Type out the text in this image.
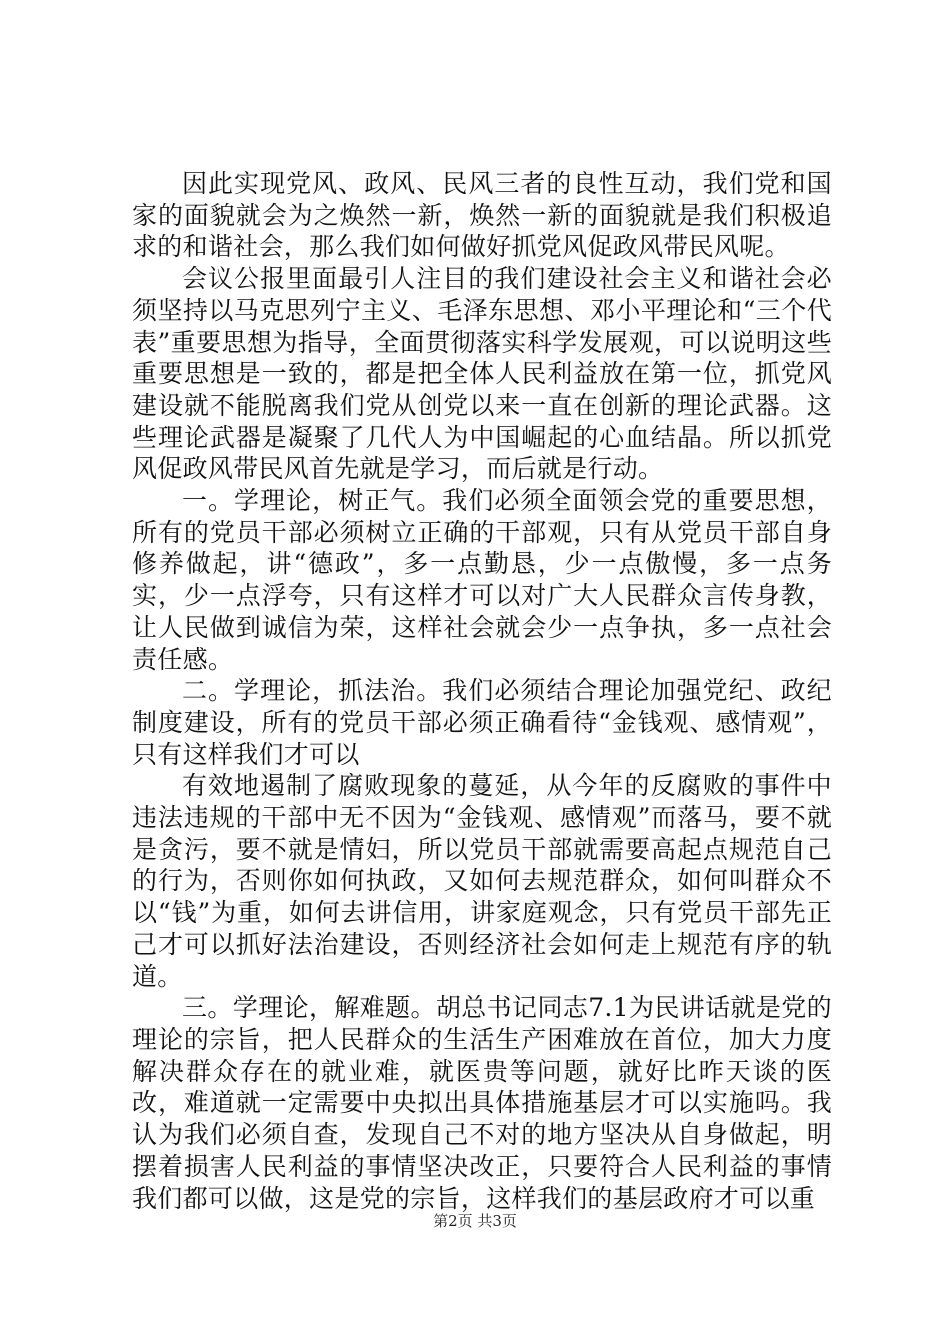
因此实现党风、政风、民风三者的良性互动，我们党和国家的面貌就会为之焕然一新，焕然一新的面貌就是我们积极追求的和谐社会，那么我们如何做好抓党风促政风带民风呢。

会议公报里面最引人注目的我们建设社会主义和谐社会必须坚持以马克思列宁主义、毛泽东思想、邓小平理论和“三个代表”重要思想为指导，全面贯彻落实科学发展观，可以说明这些重要思想是一致的，都是把全体人民利益放在第一位，抓党风建设就不能脱离我们党从创党以来一直在创新的理论武器。这些理论武器是凝聚了几代人为中国崛起的心血结晶。所以抓党风促政风带民风首先就是学习，而后就是行动。

一。学理论，树正气。我们必须全面领会党的重要思想，所有的党员干部必须树立正确的干部观，只有从党员干部自身修养做起，讲“德政”，多一点勤恳，少一点傲慢，多一点务实，少一点浮夸，只有这样才可以对广大人民群众言传身教，让人民做到诚信为荣，这样社会就会少一点争执，多一点社会责任感。

二。学理论，抓法治。我们必须结合理论加强党纪、政纪制度建设，所有的党员干部必须正确看待“金钱观、感情观”，只有这样我们才可以

有效地遏制了腐败现象的蔓延，从今年的反腐败的事件中违法违规的干部中无不因为“金钱观、感情观”而落马，要不就是贪污，要不就是情妇，所以党员干部就需要高起点规范自己的行为，否则你如何执政，又如何去规范群众，如何叫群众不以“钱”为重，如何去讲信用，讲家庭观念，只有党员干部先正己才可以抓好法治建设，否则经济社会如何走上规范有序的轨道。

三。学理论，解难题。胡总书记同志7.1为民讲话就是党的理论的宗旨，把人民群众的生活生产困难放在首位，加大力度解决群众存在的就业难，就医贵等问题，就好比昨天谈的医改，难道就一定需要中央拟出具体措施基层才可以实施吗。我认为我们必须自查，发现自己不对的地方坚决从自身做起，明摆着损害人民利益的事情坚决改正，只要符合人民利益的事情我们都可以做，这是党的宗旨，这样我们的基层政府才可以重

第2页 共3页
